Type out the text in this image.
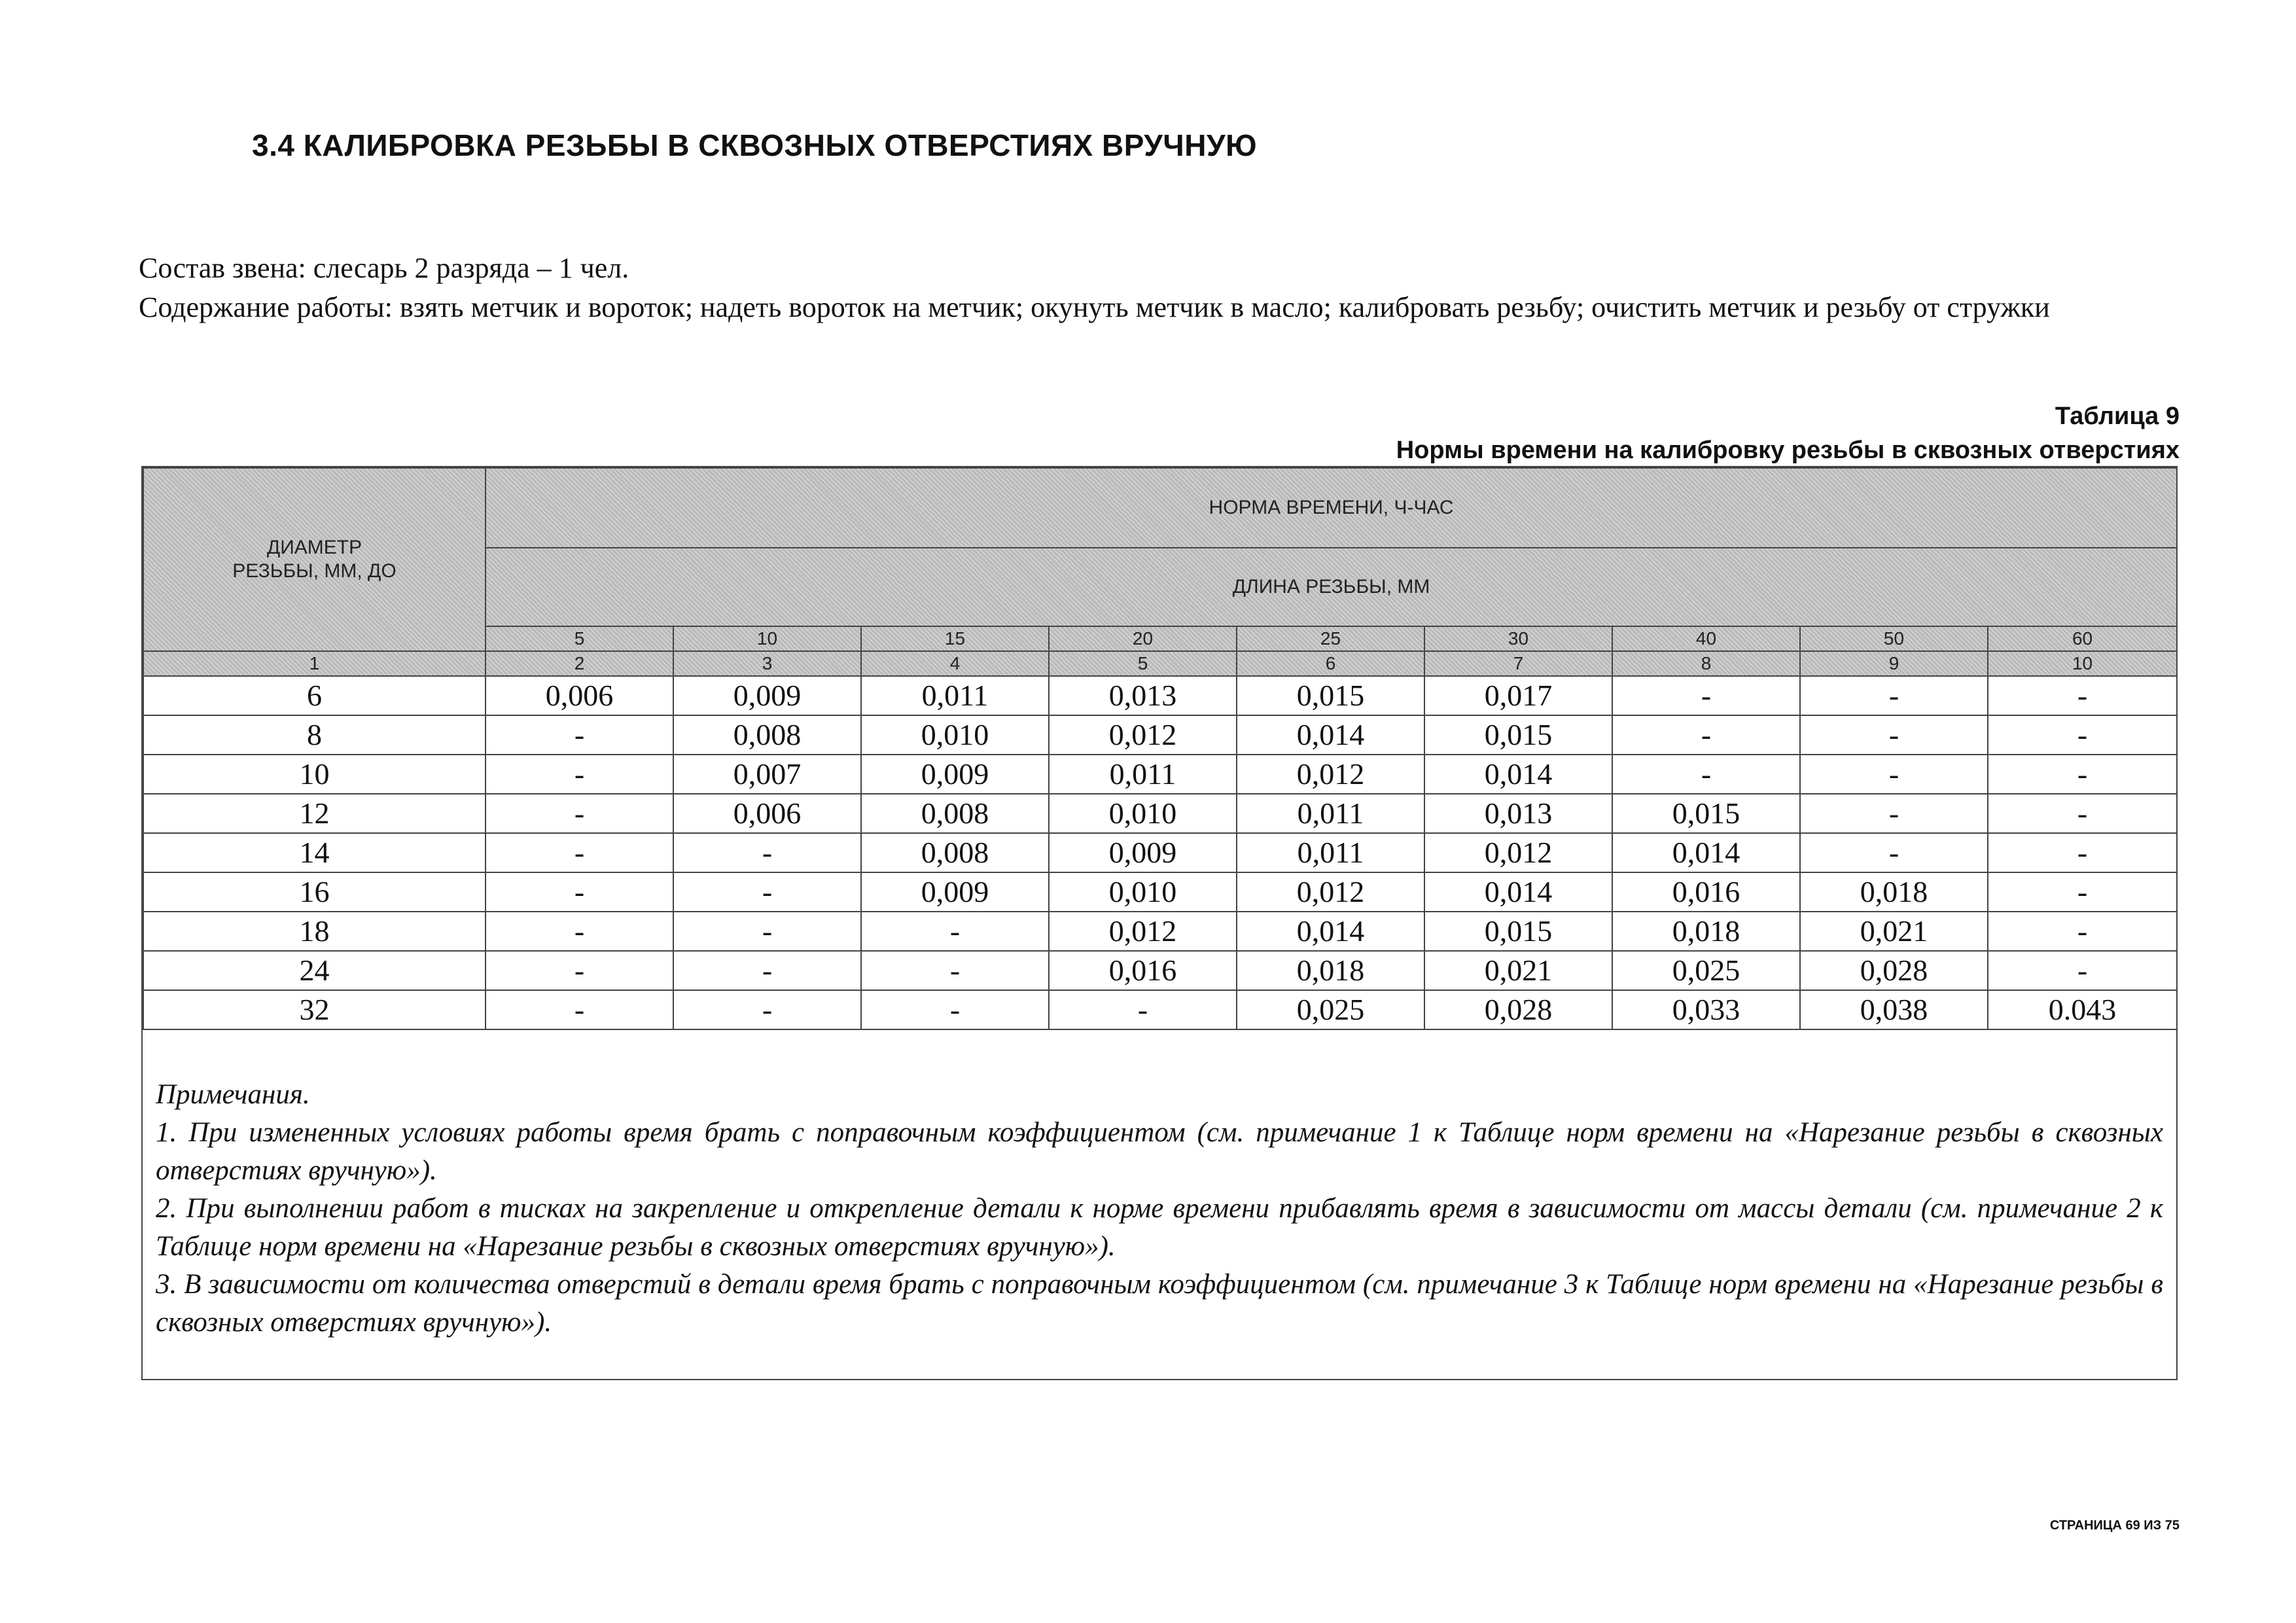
3.4 КАЛИБРОВКА РЕЗЬБЫ В СКВОЗНЫХ ОТВЕРСТИЯХ ВРУЧНУЮ
Состав звена: слесарь 2 разряда – 1 чел.
Содержание работы: взять метчик и вороток; надеть вороток на метчик; окунуть метчик в масло; калибровать резьбу; очистить метчик и резьбу от стружки
Таблица 9
Нормы времени на калибровку резьбы в сквозных отверстиях
ДИАМЕТР РЕЗЬБЫ, ММ, ДО	НОРМА ВРЕМЕНИ, Ч-ЧАС								
	ДЛИНА РЕЗЬБЫ, ММ								
	5	10	15	20	25	30	40	50	60
1	2	3	4	5	6	7	8	9	10
6	0,006	0,009	0,011	0,013	0,015	0,017	-	-	-
8	-	0,008	0,010	0,012	0,014	0,015	-	-	-
10	-	0,007	0,009	0,011	0,012	0,014	-	-	-
12	-	0,006	0,008	0,010	0,011	0,013	0,015	-	-
14	-	-	0,008	0,009	0,011	0,012	0,014	-	-
16	-	-	0,009	0,010	0,012	0,014	0,016	0,018	-
18	-	-	-	0,012	0,014	0,015	0,018	0,021	-
24	-	-	-	0,016	0,018	0,021	0,025	0,028	-
32	-	-	-	-	0,025	0,028	0,033	0,038	0.043
Примечания.
1. При измененных условиях работы время брать с поправочным коэффициентом (см. примечание 1 к Таблице норм времени на «Нарезание резьбы в сквозных отверстиях вручную»).
2. При выполнении работ в тисках на закрепление и открепление детали к норме времени прибавлять время в зависимости от массы детали (см. примечание 2 к Таблице норм времени на «Нарезание резьбы в сквозных отверстиях вручную»).
3. В зависимости от количества отверстий в детали время брать с поправочным коэффициентом (см. примечание 3 к Таблице норм времени на «Нарезание резьбы в сквозных отверстиях вручную»).
СТРАНИЦА 69 ИЗ 75
